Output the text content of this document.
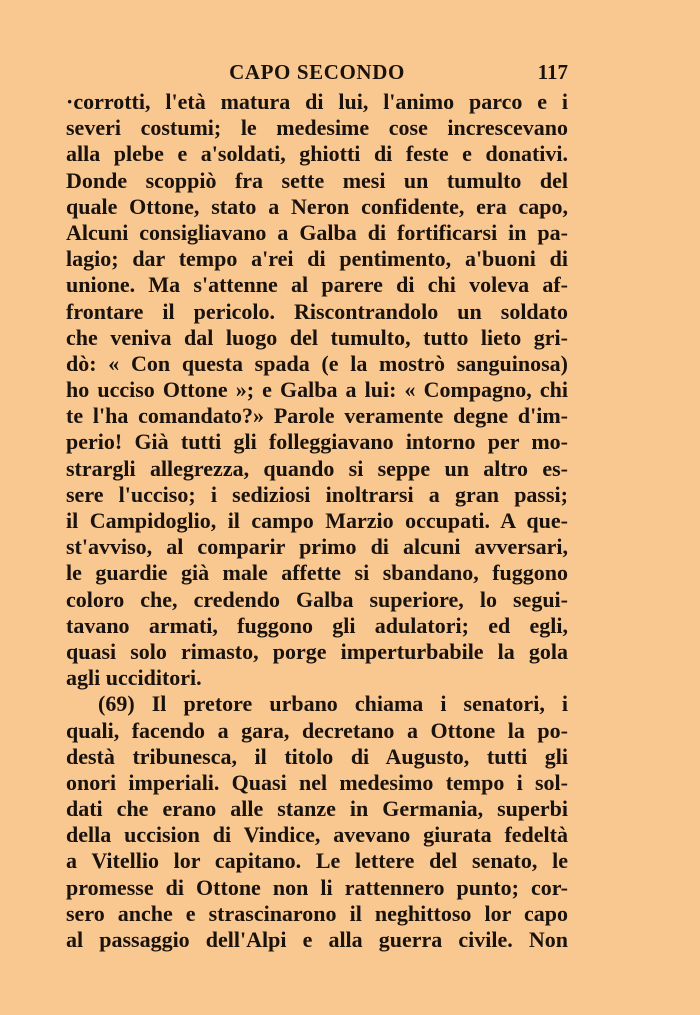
CAPO SECONDO	117
·corrotti, l'età matura di lui, l'animo parco e i
severi costumi; le medesime cose increscevano
alla plebe e a'soldati, ghiotti di feste e donativi.
Donde scoppiò fra sette mesi un tumulto del
quale Ottone, stato a Neron confidente, era capo,
Alcuni consigliavano a Galba di fortificarsi in pa-
lagio; dar tempo a'rei di pentimento, a'buoni di
unione. Ma s'attenne al parere di chi voleva af-
frontare il pericolo. Riscontrandolo un soldato
che veniva dal luogo del tumulto, tutto lieto gri-
dò: « Con questa spada (e la mostrò sanguinosa)
ho ucciso Ottone »; e Galba a lui: « Compagno, chi
te l'ha comandato?» Parole veramente degne d'im-
perio! Già tutti gli folleggiavano intorno per mo-
strargli allegrezza, quando si seppe un altro es-
sere l'ucciso; i sediziosi inoltrarsi a gran passi;
il Campidoglio, il campo Marzio occupati. A que-
st'avviso, al comparir primo di alcuni avversari,
le guardie già male affette si sbandano, fuggono
coloro che, credendo Galba superiore, lo segui-
tavano armati, fuggono gli adulatori; ed egli,
quasi solo rimasto, porge imperturbabile la gola
agli ucciditori.
(69) Il pretore urbano chiama i senatori, i
quali, facendo a gara, decretano a Ottone la po-
destà tribunesca, il titolo di Augusto, tutti gli
onori imperiali. Quasi nel medesimo tempo i sol-
dati che erano alle stanze in Germania, superbi
della uccision di Vindice, avevano giurata fedeltà
a Vitellio lor capitano. Le lettere del senato, le
promesse di Ottone non li rattennero punto; cor-
sero anche e strascinarono il neghittoso lor capo
al passaggio dell'Alpi e alla guerra civile. Non
